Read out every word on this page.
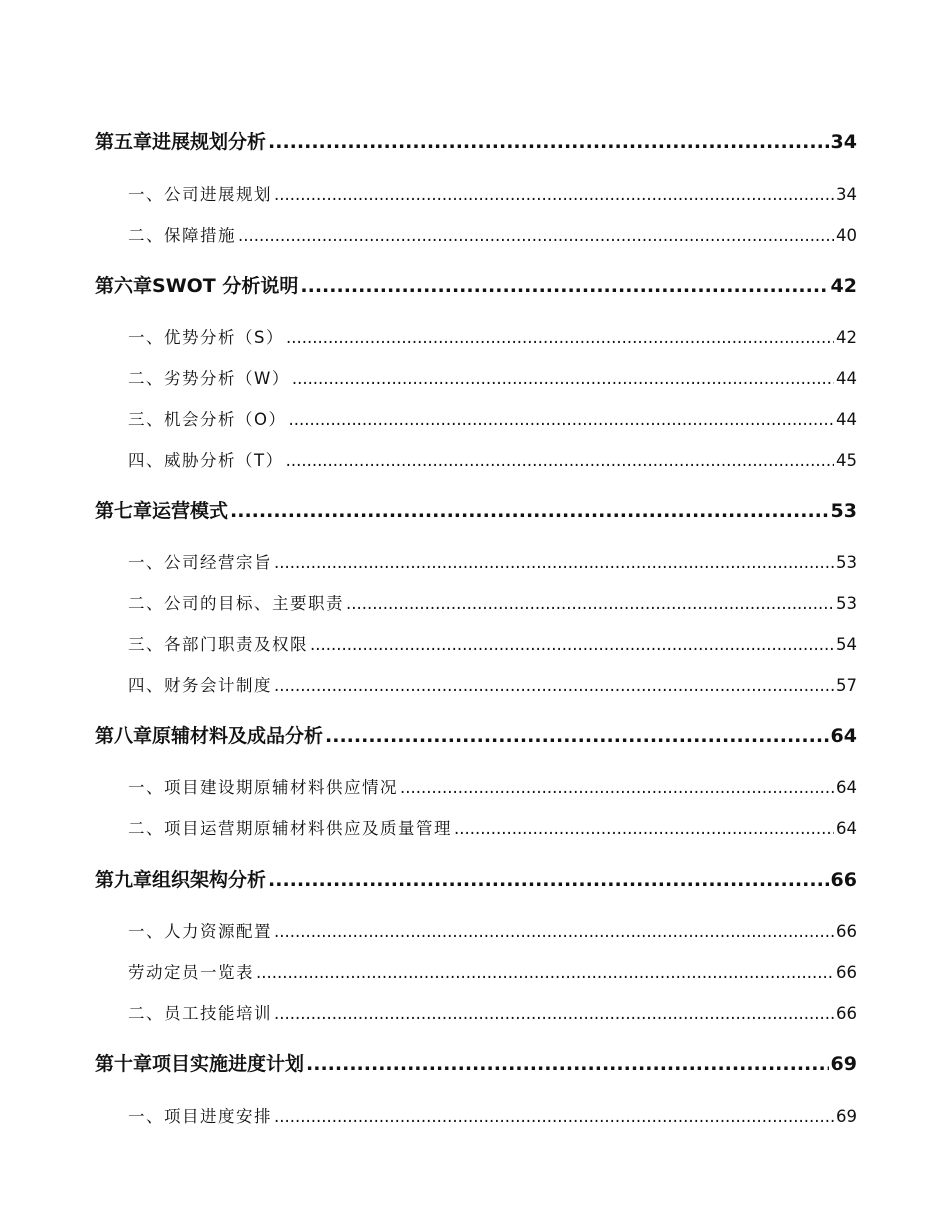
第五章 进展规划分析 .....	34
一、 公司进展规划 .....	34
二、 保障措施 .....	40
第六章 SWOT 分析说明 .....	42
一、 优势分析（S） .....	42
二、 劣势分析（W） .....	44
三、 机会分析（O） .....	44
四、 威胁分析（T） .....	45
第七章 运营模式 .....	53
一、 公司经营宗旨 .....	53
二、 公司的目标、主要职责 .....	53
三、 各部门职责及权限 .....	54
四、 财务会计制度 .....	57
第八章 原辅材料及成品分析 .....	64
一、 项目建设期原辅材料供应情况 .....	64
二、 项目运营期原辅材料供应及质量管理 .....	64
第九章 组织架构分析 .....	66
一、 人力资源配置 .....	66
劳动定员一览表 .....	66
二、 员工技能培训 .....	66
第十章 项目实施进度计划 .....	69
一、 项目进度安排 .....	69
